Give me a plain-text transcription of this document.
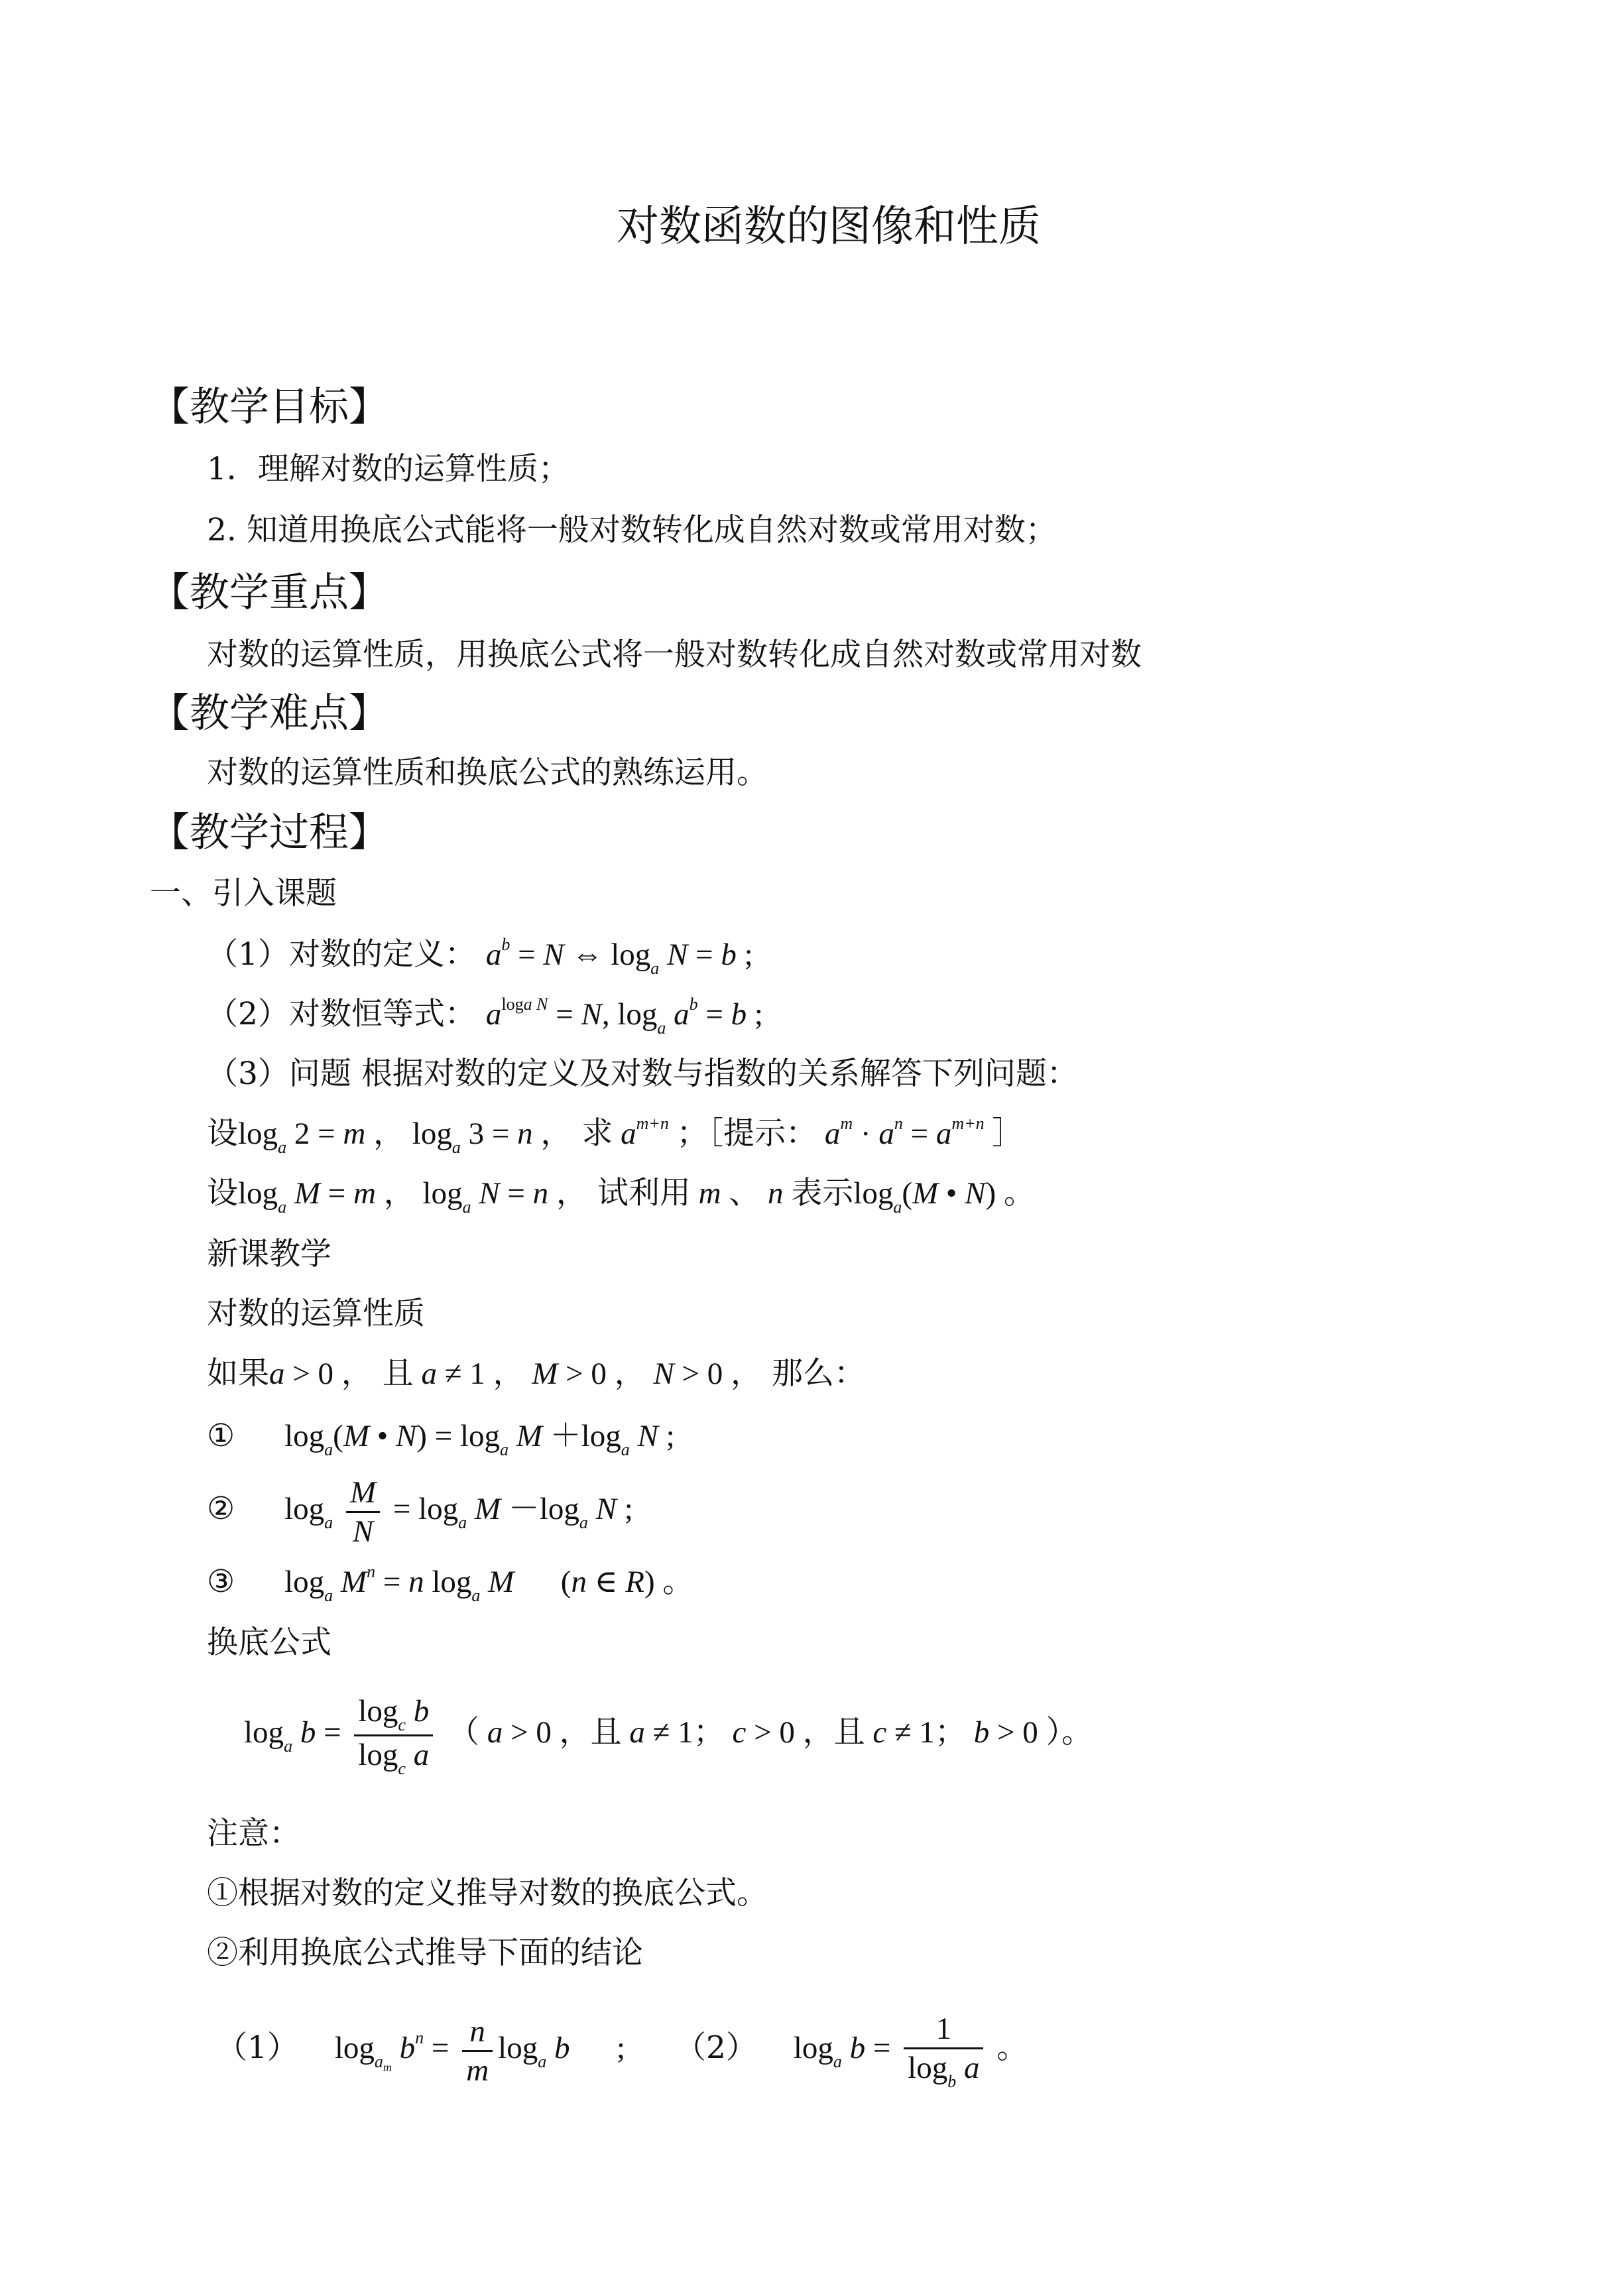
对数函数的图像和性质
【教学目标】
1．理解对数的运算性质；
2. 知道用换底公式能将一般对数转化成自然对数或常用对数；
【教学重点】
对数的运算性质，用换底公式将一般对数转化成自然对数或常用对数
【教学难点】
对数的运算性质和换底公式的熟练运用。
【教学过程】
一、引入课题
（1）对数的定义： $a^b = N$ ⇔ $\log_a N = b$ ;
（2）对数恒等式： $a^{loga}$ $^N$ = N, $\log_a a^b = b$ ;
（3）问题 根据对数的定义及对数与指数的关系解答下列问题：
设$\log_a 2 = m$ ， $\log_a 3 = n$ ， 求 $a^{m+n}$ ；［提示： $a^m \cdot a^n = a^{m+n}$ ］
设$\log_a M = m$ ， $\log_a N = n$ ， 试利用 m 、 n 表示$\log_a(M$ • N) 。
新课教学
对数的运算性质
如果a > 0 ， 且 a ≠ 1 ， M > 0 ， N > 0 ， 那么：
① $\log_a(M$ • $N) = \log_a M +\log_a$ N ;
② $\log_a \frac{M}{N} = \log_a M -\log_a$ N ;
③ $\log_a M^n = n$ $\log_a M$      (n ∈ R) 。
换底公式
$\log_a b = \frac{\log_c b}{\log_c a}$ （ a > 0 ，且 a ≠ 1； c > 0 ，且 c ≠ 1； b > 0 ）。
注意：
①根据对数的定义推导对数的换底公式。
②利用换底公式推导下面的结论
（1） $\log_{am} b^n = \frac{n}{m} \log_a b$      ; （2） $\log_a b = \frac{1}{\log_b a}$ 。
